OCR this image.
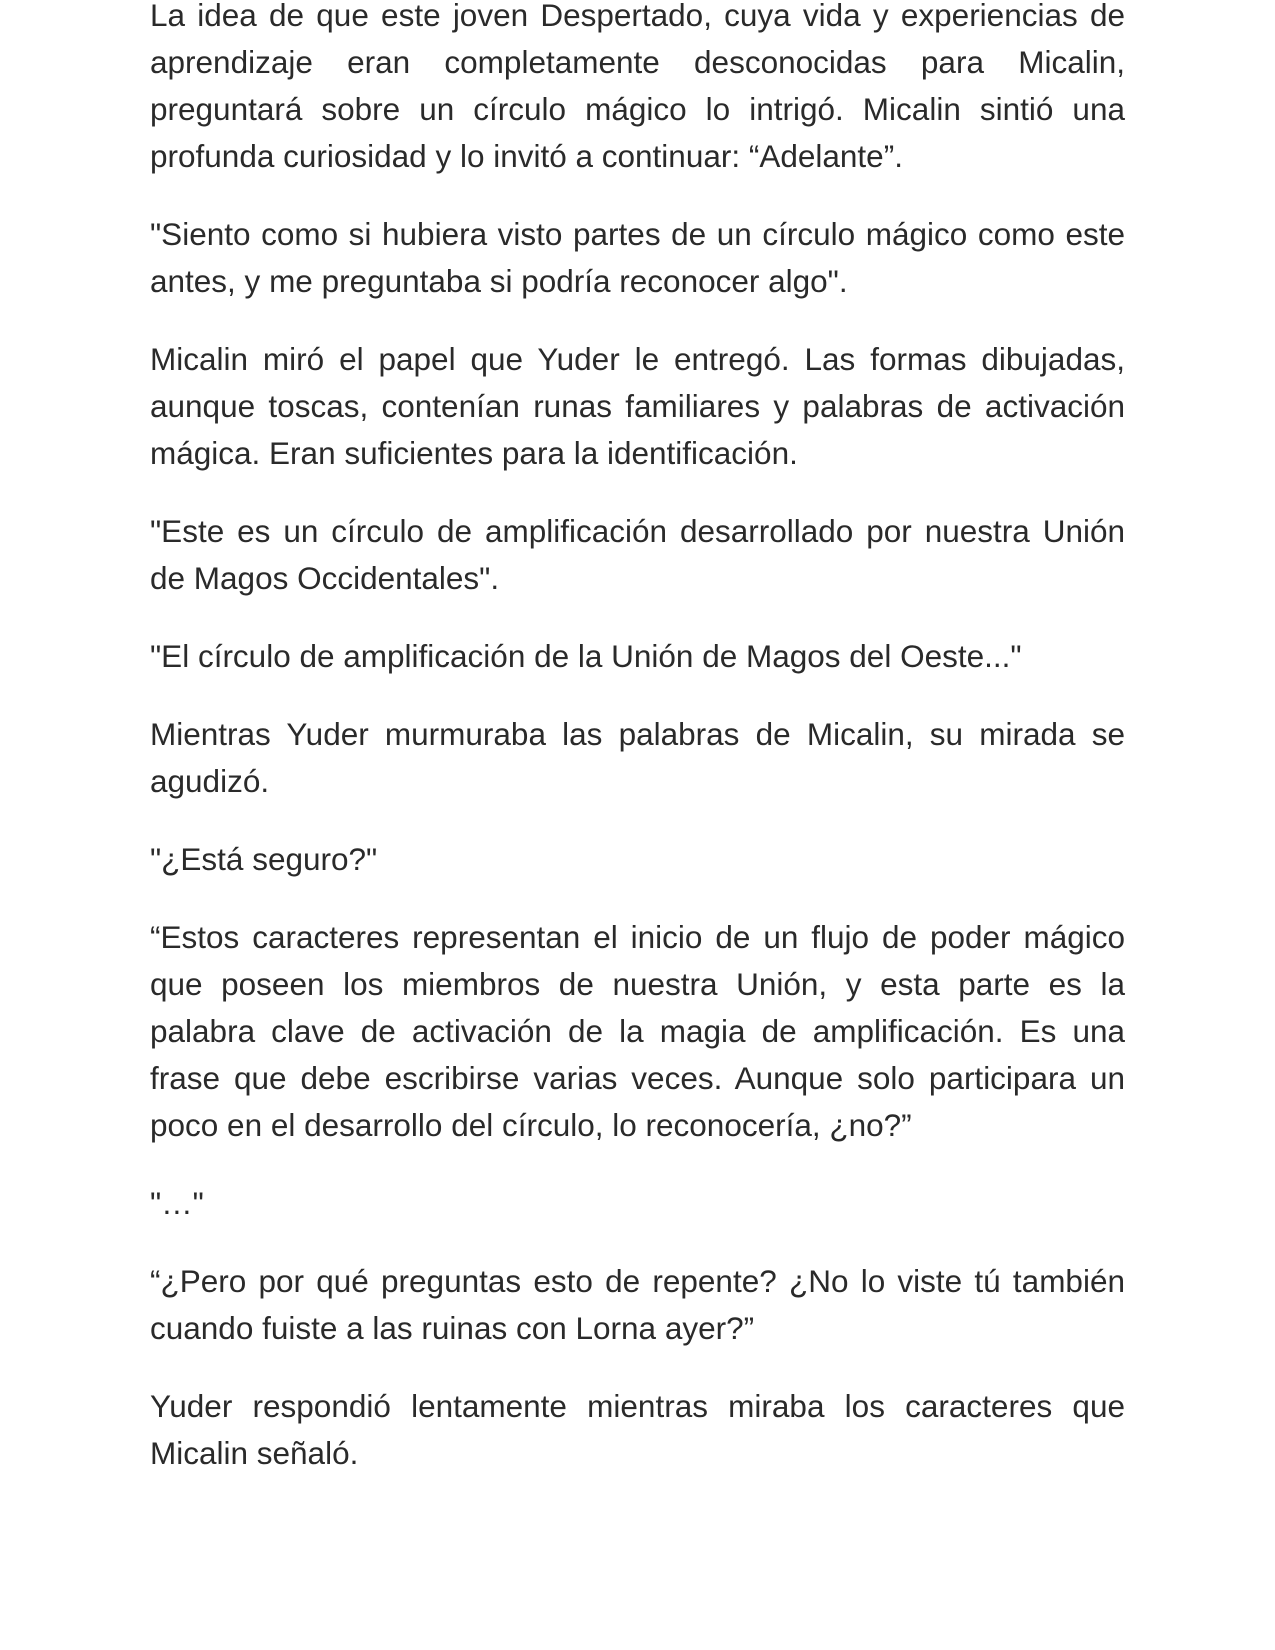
La idea de que este joven Despertado, cuya vida y experiencias de aprendizaje eran completamente desconocidas para Micalin, preguntará sobre un círculo mágico lo intrigó. Micalin sintió una profunda curiosidad y lo invitó a continuar: “Adelante”.

"Siento como si hubiera visto partes de un círculo mágico como este antes, y me preguntaba si podría reconocer algo".

Micalin miró el papel que Yuder le entregó. Las formas dibujadas, aunque toscas, contenían runas familiares y palabras de activación mágica. Eran suficientes para la identificación.

"Este es un círculo de amplificación desarrollado por nuestra Unión de Magos Occidentales".

"El círculo de amplificación de la Unión de Magos del Oeste..."

Mientras Yuder murmuraba las palabras de Micalin, su mirada se agudizó.

"¿Está seguro?"

“Estos caracteres representan el inicio de un flujo de poder mágico que poseen los miembros de nuestra Unión, y esta parte es la palabra clave de activación de la magia de amplificación. Es una frase que debe escribirse varias veces. Aunque solo participara un poco en el desarrollo del círculo, lo reconocería, ¿no?”

"…"

“¿Pero por qué preguntas esto de repente? ¿No lo viste tú también cuando fuiste a las ruinas con Lorna ayer?”

Yuder respondió lentamente mientras miraba los caracteres que Micalin señaló.
